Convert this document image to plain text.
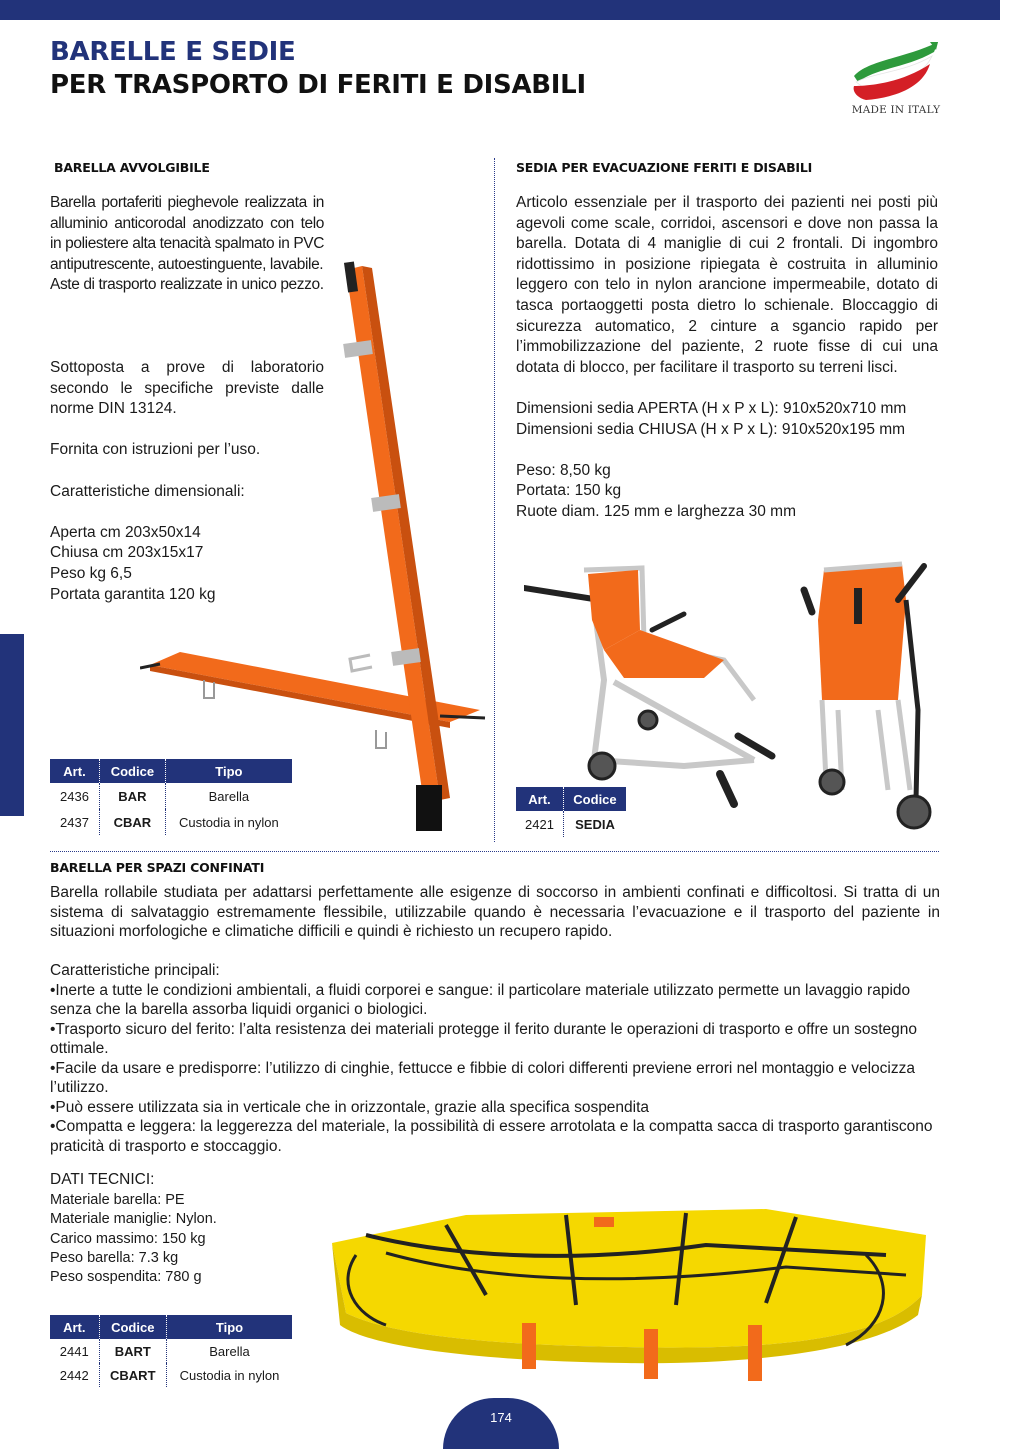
BARELLE E SEDIE
PER TRASPORTO DI FERITI E DISABILI
MADE IN ITALY
BARELLA AVVOLGIBILE
Barella portaferiti pieghevole realizzata in alluminio anticorodal anodizzato con telo in poliestere alta tenacità spalmato in PVC antiputrescente, autoestinguente, lavabile.
Aste di trasporto realizzate in unico pezzo.
Sottoposta a prove di laboratorio secondo le specifiche previste dalle norme DIN 13124.
Fornita con istruzioni per l’uso.
Caratteristiche dimensionali:
Aperta cm 203x50x14
Chiusa cm 203x15x17
Peso kg 6,5
Portata garantita 120 kg
Art.	Codice	Tipo
2436	BAR	Barella
2437	CBAR	Custodia in nylon
SEDIA PER EVACUAZIONE FERITI E DISABILI
Articolo essenziale per il trasporto dei pazienti nei posti più agevoli come scale, corridoi, ascensori e dove non passa la barella. Dotata di 4 maniglie di cui 2 frontali. Di ingombro ridottissimo in posizione ripiegata è costruita in alluminio leggero con telo in nylon arancione impermeabile, dotato di tasca portaoggetti posta dietro lo schienale. Bloccaggio di sicurezza automatico, 2 cinture a sgancio rapido per l’immobilizzazione del paziente, 2 ruote fisse di cui una dotata di blocco, per facilitare il trasporto su terreni lisci.
Dimensioni sedia APERTA (H x P x L): 910x520x710 mm
Dimensioni sedia CHIUSA (H x P x L): 910x520x195 mm
Peso: 8,50 kg
Portata: 150 kg
Ruote diam. 125 mm e larghezza 30 mm
Art.	Codice
2421	SEDIA
BARELLA PER SPAZI CONFINATI
Barella rollabile studiata per adattarsi perfettamente alle esigenze di soccorso in ambienti confinati e difficoltosi. Si tratta di un sistema di salvataggio estremamente flessibile, utilizzabile quando è necessaria l’evacuazione e il trasporto del paziente in situazioni morfologiche e climatiche difficili e quindi è richiesto un recupero rapido.
Caratteristiche principali:
•Inerte a tutte le condizioni ambientali, a fluidi corporei e sangue: il particolare materiale utilizzato permette un lavaggio rapido senza che la barella assorba liquidi organici o biologici.
•Trasporto sicuro del ferito: l’alta resistenza dei materiali protegge il ferito durante le operazioni di trasporto e offre un sostegno ottimale.
•Facile da usare e predisporre: l’utilizzo di cinghie, fettucce e fibbie di colori differenti previene errori nel montaggio e velocizza l’utilizzo.
•Può essere utilizzata sia in verticale che in orizzontale, grazie alla specifica sospendita
•Compatta e leggera: la leggerezza del materiale, la possibilità di essere arrotolata e la compatta sacca di trasporto garantiscono praticità di trasporto e stoccaggio.
DATI TECNICI:
Materiale barella: PE
Materiale maniglie: Nylon.
Carico massimo: 150 kg
Peso barella: 7.3 kg
Peso sospendita: 780 g
Art.	Codice	Tipo
2441	BART	Barella
2442	CBART	Custodia in nylon
174
